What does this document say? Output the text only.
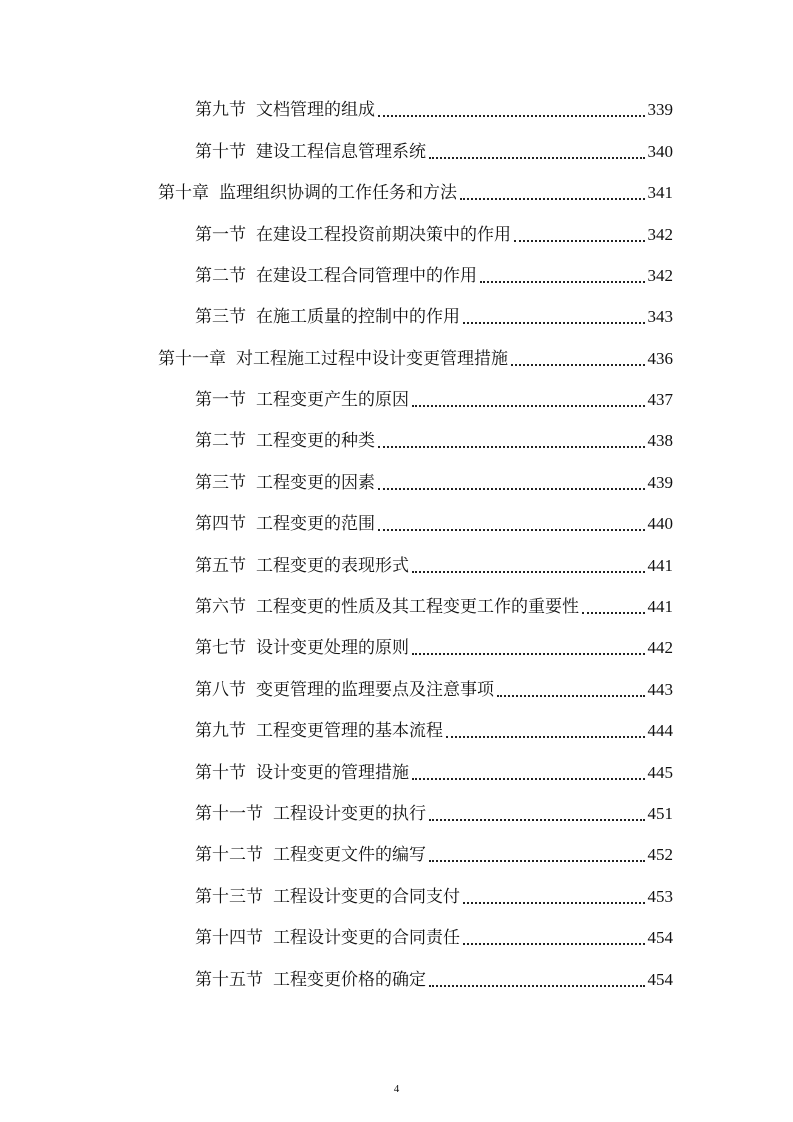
第九节 文档管理的组成	339
第十节 建设工程信息管理系统	340
第十章 监理组织协调的工作任务和方法	341
第一节 在建设工程投资前期决策中的作用	342
第二节 在建设工程合同管理中的作用	342
第三节 在施工质量的控制中的作用	343
第十一章 对工程施工过程中设计变更管理措施	436
第一节 工程变更产生的原因	437
第二节 工程变更的种类	438
第三节 工程变更的因素	439
第四节 工程变更的范围	440
第五节 工程变更的表现形式	441
第六节 工程变更的性质及其工程变更工作的重要性	441
第七节 设计变更处理的原则	442
第八节 变更管理的监理要点及注意事项	443
第九节 工程变更管理的基本流程	444
第十节 设计变更的管理措施	445
第十一节 工程设计变更的执行	451
第十二节 工程变更文件的编写	452
第十三节 工程设计变更的合同支付	453
第十四节 工程设计变更的合同责任	454
第十五节 工程变更价格的确定	454
4
